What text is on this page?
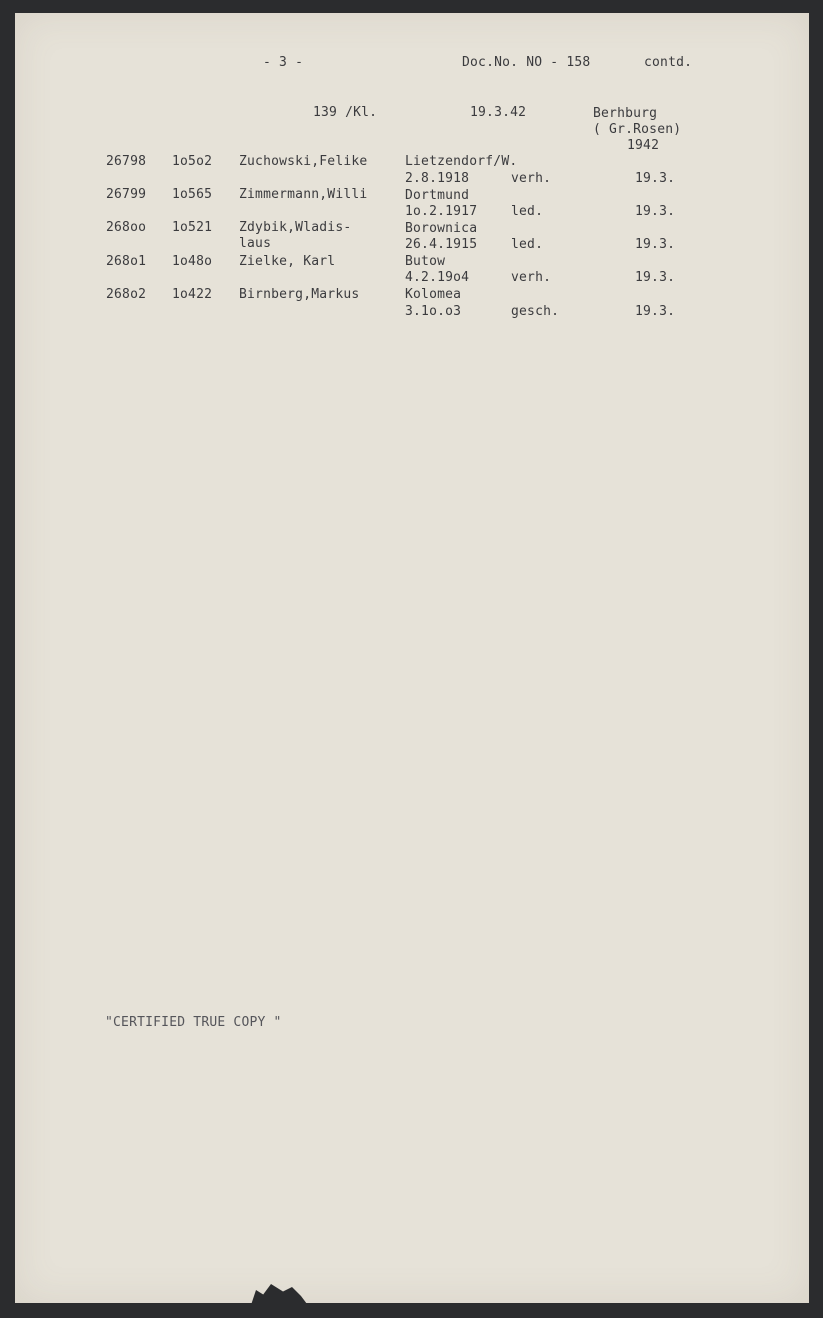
- 3 -	Doc.No. NO - 158	contd.
139 /Kl.	19.3.42	Berhburg
( Gr.Rosen)
1942
26798 1o5o2 Zuchowski,Felike	Lietzendorf/W.
2.8.1918	verh.	19.3.
26799 1o565 Zimmermann,Willi	Dortmund
1o.2.1917	led.	19.3.
268oo 1o521 Zdybik,Wladis-
laus
Borownica
26.4.1915	led.	19.3.
268o1 1o48o Zielke, Karl	Butow
4.2.19o4	verh.	19.3.
268o2 1o422 Birnberg,Markus	Kolomea
3.1o.o3	gesch.	19.3.
"CERTIFIED TRUE COPY "
